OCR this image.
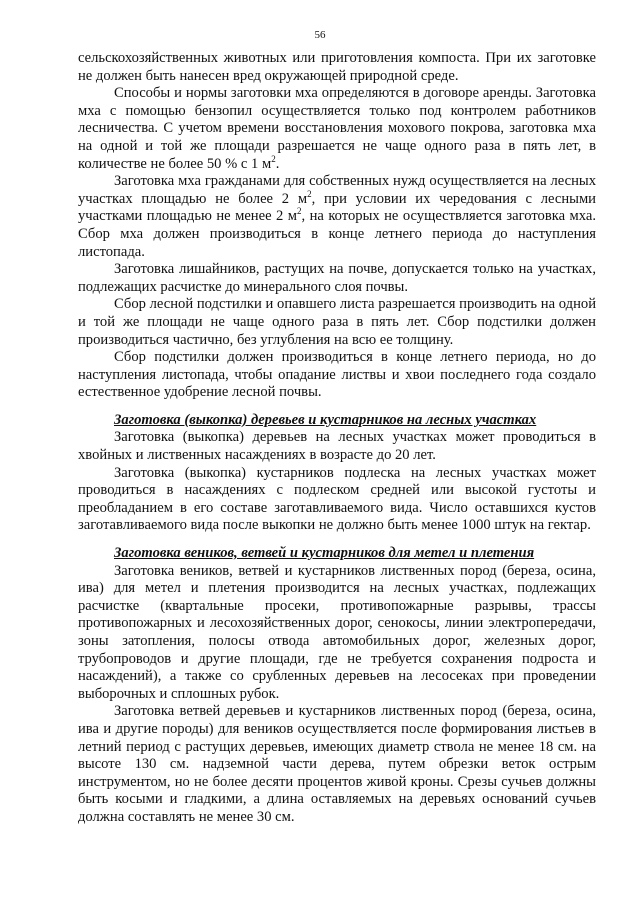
56

сельскохозяйственных животных или приготовления компоста. При их заготовке не должен быть нанесен вред окружающей природной среде.

Способы и нормы заготовки мха определяются в договоре аренды. Заготовка мха с помощью бензопил осуществляется только под контролем работников лесничества. С учетом времени восстановления мохового покрова, заготовка мха на одной и той же площади разрешается не чаще одного раза в пять лет, в количестве не более 50 % с 1 $м^2$.

Заготовка мха гражданами для собственных нужд осуществляется на лесных участках площадью не более 2 $м^2$, при условии их чередования с лесными участками площадью не менее 2 $м^2$, на которых не осуществляется заготовка мха. Сбор мха должен производиться в конце летнего периода до наступления листопада.

Заготовка лишайников, растущих на почве, допускается только на участках, подлежащих расчистке до минерального слоя почвы.

Сбор лесной подстилки и опавшего листа разрешается производить на одной и той же площади не чаще одного раза в пять лет. Сбор подстилки должен производиться частично, без углубления на всю ее толщину.

Сбор подстилки должен производиться в конце летнего периода, но до наступления листопада, чтобы опадание листвы и хвои последнего года создало естественное удобрение лесной почвы.

Заготовка (выкопка) деревьев и кустарников на лесных участках

Заготовка (выкопка) деревьев на лесных участках может проводиться в хвойных и лиственных насаждениях в возрасте до 20 лет.

Заготовка (выкопка) кустарников подлеска на лесных участках может проводиться в насаждениях с подлеском средней или высокой густоты и преобладанием в его составе заготавливаемого вида. Число оставшихся кустов заготавливаемого вида после выкопки не должно быть менее 1000 штук на гектар.

Заготовка веников, ветвей и кустарников для метел и плетения

Заготовка веников, ветвей и кустарников лиственных пород (береза, осина, ива) для метел и плетения производится на лесных участках, подлежащих расчистке (квартальные просеки, противопожарные разрывы, трассы противопожарных и лесохозяйственных дорог, сенокосы, линии электропередачи, зоны затопления, полосы отвода автомобильных дорог, железных дорог, трубопроводов и другие площади, где не требуется сохранения подроста и насаждений), а также со срубленных деревьев на лесосеках при проведении выборочных и сплошных рубок.

Заготовка ветвей деревьев и кустарников лиственных пород (береза, осина, ива и другие породы) для веников осуществляется после формирования листьев в летний период с растущих деревьев, имеющих диаметр ствола не менее 18 см. на высоте 130 см. надземной части дерева, путем обрезки веток острым инструментом, но не более десяти процентов живой кроны. Срезы сучьев должны быть косыми и гладкими, а длина оставляемых на деревьях оснований сучьев должна составлять не менее 30 см.
